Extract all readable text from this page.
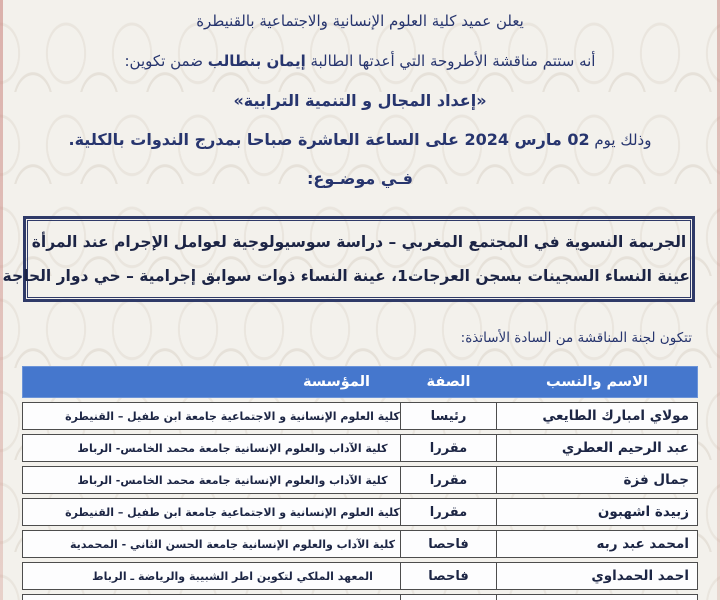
يعلن عميد كلية العلوم الإنسانية والاجتماعية بالقنيطرة
أنه ستتم مناقشة الأطروحة التي أعدتها الطالبة إيمان بنطالب ضمن تكوين:
«إعداد المجال و التنمية الترابية»
وذلك يوم 02 مارس 2024 على الساعة العاشرة صباحا بمدرج الندوات بالكلية.
فـي موضـوع:
الجريمة النسوية في المجتمع المغربي – دراسة سوسيولوجية لعوامل الإجرام عند المرأة
عينة النساء السجينات بسجن العرجات1، عينة النساء ذوات سوابق إجرامية – حي دوار الحاجة
تتكون لجنة المناقشة من السادة الأساتذة:
الاسم والنسب
الصفة
المؤسسة
مولاي امبارك الطايعي
رئيسا
كلية العلوم الإنسانية و الاجتماعية جامعة ابن طفيل – القنيطرة
عبد الرحيم العطري
مقررا
كلية الآداب والعلوم الإنسانية جامعة محمد الخامس- الرباط
جمال فزة
مقررا
كلية الآداب والعلوم الإنسانية جامعة محمد الخامس- الرباط
زبيدة اشهبون
مقررا
كلية العلوم الإنسانية و الاجتماعية جامعة ابن طفيل – القنيطرة
امحمد عبد ربه
فاحصا
كلية الآداب والعلوم الإنسانية جامعة الحسن الثاني - المحمدية
احمد الحمداوي
فاحصا
المعهد الملكي لتكوين اطر الشبيبة والرياضة ـ الرباط
